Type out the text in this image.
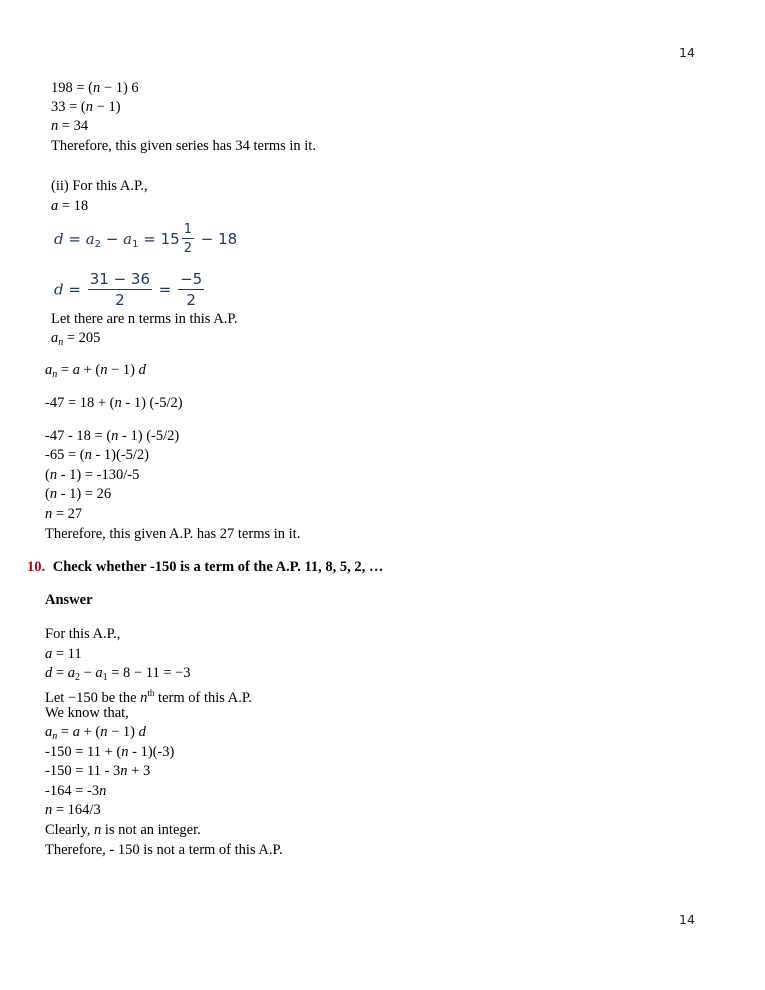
14
198 = (n − 1) 6
33 = (n − 1)
n = 34
Therefore, this given series has 34 terms in it.
(ii) For this A.P.,
a = 18
$d = a_2 - a_1 = 15 \frac{1}{2} - 18$
$d = \frac{31 - 36}{2} = \frac{-5}{2}$
Let there are n terms in this A.P.
$a_n = 205$
$a_n = a + (n - 1)$ d
-47 = 18 + (n - 1) (-5/2)
-47 - 18 = (n - 1) (-5/2)
-65 = (n - 1)(-5/2)
(n - 1) = -130/-5
(n - 1) = 26
n = 27
Therefore, this given A.P. has 27 terms in it.
10. Check whether -150 is a term of the A.P. 11, 8, 5, 2, …
Answer
For this A.P.,
a = 11
$d = a_2 - a_1 = 8 - 11 = -3$
Let −150 be the $n^{th}$ term of this A.P.
We know that,
$a_n = a + (n - 1)$ d
-150 = 11 + (n - 1)(-3)
-150 = 11 - 3n + 3
-164 = -3n
n = 164/3
Clearly, n is not an integer.
Therefore, - 150 is not a term of this A.P.
14
